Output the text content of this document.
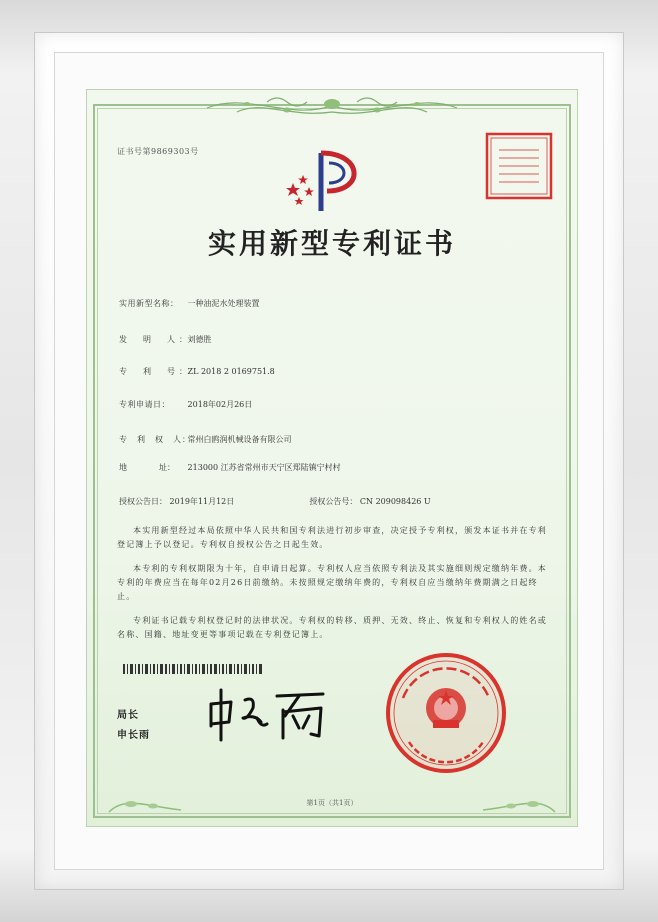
证书号第9869303号
实用新型专利证书
实用新型名称： 一种油泥水处理装置
发　明　人： 刘德胜
专　利　号： ZL 2018 2 0169751.8
专利申请日： 2018年02月26日
专　利　权　人： 常州白鸥润机械设备有限公司
地　　　　址： 213000 江苏省常州市天宁区郑陆镇宁村村
授权公告日： 2019年11月12日	授权公告号： CN 209098426 U
本实用新型经过本局依照中华人民共和国专利法进行初步审查，决定授予专利权，颁发本证书并在专利登记簿上予以登记。专利权自授权公告之日起生效。
本专利的专利权期限为十年，自申请日起算。专利权人应当依照专利法及其实施细则规定缴纳年费。本专利的年费应当在每年02月26日前缴纳。未按照规定缴纳年费的，专利权自应当缴纳年费期满之日起终止。
专利证书记载专利权登记时的法律状况。专利权的转移、质押、无效、终止、恢复和专利权人的姓名或名称、国籍、地址变更等事项记载在专利登记簿上。
局长
申长雨
第1页（共1页）
